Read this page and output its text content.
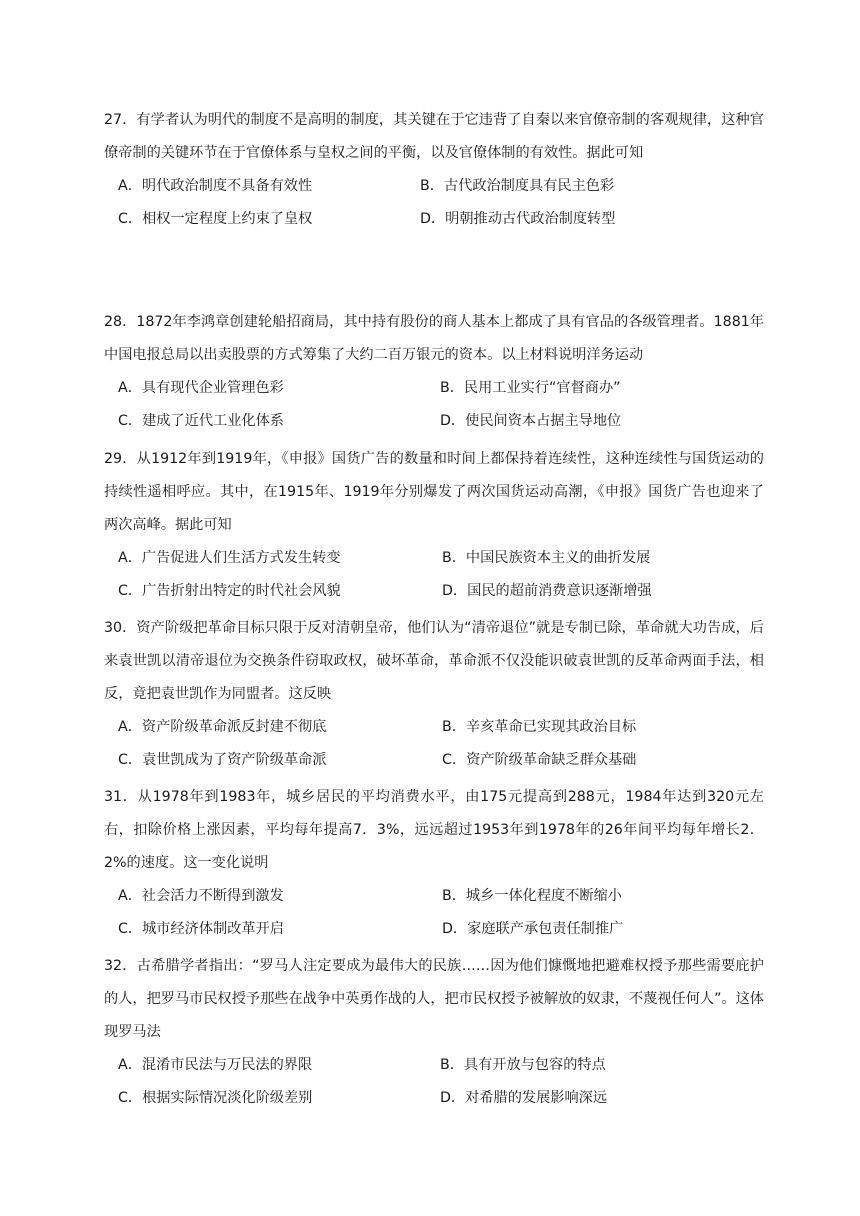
27．有学者认为明代的制度不是高明的制度，其关键在于它违背了自秦以来官僚帝制的客观规律，这种官僚帝制的关键环节在于官僚体系与皇权之间的平衡，以及官僚体制的有效性。据此可知

A．明代政治制度不具备有效性	B．古代政治制度具有民主色彩
C．相权一定程度上约束了皇权	D．明朝推动古代政治制度转型

28．1872年李鸿章创建轮船招商局，其中持有股份的商人基本上都成了具有官品的各级管理者。1881年中国电报总局以出卖股票的方式筹集了大约二百万银元的资本。以上材料说明洋务运动

A．具有现代企业管理色彩	B．民用工业实行“官督商办”
C．建成了近代工业化体系	D．使民间资本占据主导地位

29．从1912年到1919年，《申报》国货广告的数量和时间上都保持着连续性，这种连续性与国货运动的持续性遥相呼应。其中，在1915年、1919年分别爆发了两次国货运动高潮，《申报》国货广告也迎来了两次高峰。据此可知

A．广告促进人们生活方式发生转变	B．中国民族资本主义的曲折发展
C．广告折射出特定的时代社会风貌	D．国民的超前消费意识逐渐增强

30．资产阶级把革命目标只限于反对清朝皇帝，他们认为“清帝退位”就是专制已除，革命就大功告成，后来袁世凯以清帝退位为交换条件窃取政权，破坏革命，革命派不仅没能识破袁世凯的反革命两面手法，相反，竟把袁世凯作为同盟者。这反映

A．资产阶级革命派反封建不彻底	B．辛亥革命已实现其政治目标
C．袁世凯成为了资产阶级革命派	C．资产阶级革命缺乏群众基础

31．从1978年到1983年，城乡居民的平均消费水平，由175元提高到288元，1984年达到320元左右，扣除价格上涨因素，平均每年提高7．3%，远远超过1953年到1978年的26年间平均每年增长2．2%的速度。这一变化说明

A．社会活力不断得到激发	B．城乡一体化程度不断缩小
C．城市经济体制改革开启	D．家庭联产承包责任制推广

32．古希腊学者指出：“罗马人注定要成为最伟大的民族……因为他们慷慨地把避难权授予那些需要庇护的人，把罗马市民权授予那些在战争中英勇作战的人，把市民权授予被解放的奴隶，不蔑视任何人”。这体现罗马法

A．混淆市民法与万民法的界限	B．具有开放与包容的特点
C．根据实际情况淡化阶级差别	D．对希腊的发展影响深远
